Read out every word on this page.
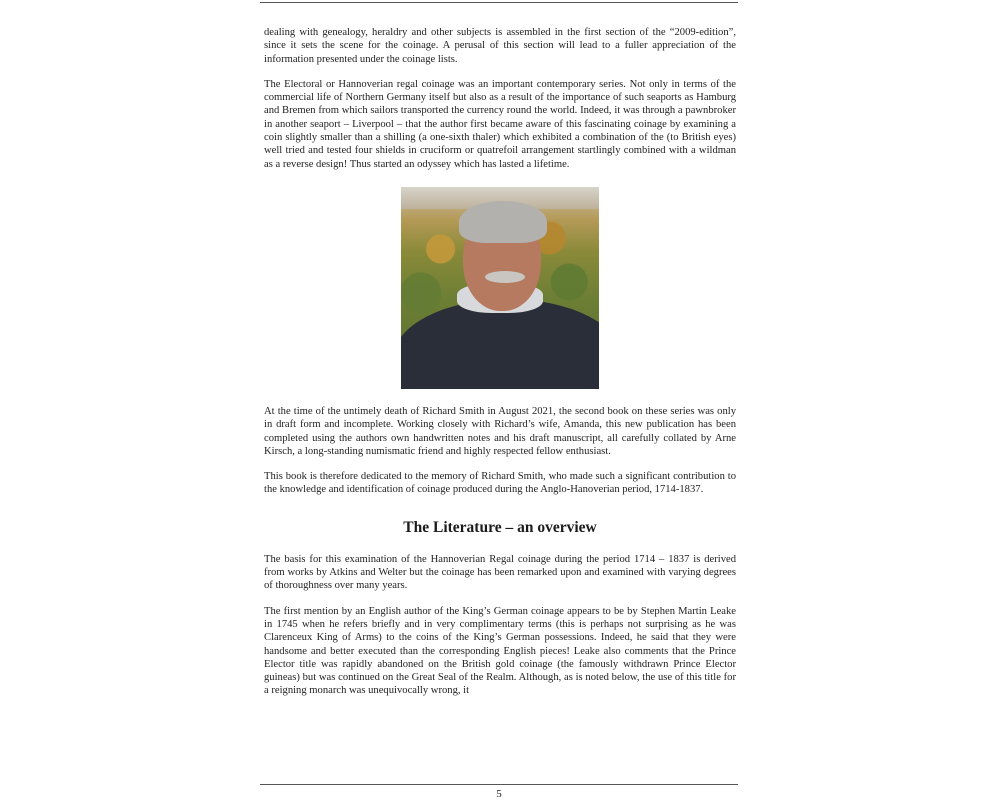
dealing with genealogy, heraldry and other subjects is assembled in the first section of the “2009-edition”, since it sets the scene for the coinage. A perusal of this section will lead to a fuller appreciation of the information presented under the coinage lists.

The Electoral or Hannoverian regal coinage was an important contemporary series. Not only in terms of the commercial life of Northern Germany itself but also as a result of the importance of such seaports as Hamburg and Bremen from which sailors transported the currency round the world. Indeed, it was through a pawnbroker in another seaport – Liverpool – that the author first became aware of this fascinating coinage by examining a coin slightly smaller than a shilling (a one-sixth thaler) which exhibited a combination of the (to British eyes) well tried and tested four shields in cruciform or quatrefoil arrangement startlingly combined with a wildman as a reverse design! Thus started an odyssey which has lasted a lifetime.

At the time of the untimely death of Richard Smith in August 2021, the second book on these series was only in draft form and incomplete. Working closely with Richard’s wife, Amanda, this new publication has been completed using the authors own handwritten notes and his draft manuscript, all carefully collated by Arne Kirsch, a long-standing numismatic friend and highly respected fellow enthusiast.

This book is therefore dedicated to the memory of Richard Smith, who made such a significant contribution to the knowledge and identification of coinage produced during the Anglo-Hanoverian period, 1714-1837.

The Literature – an overview

The basis for this examination of the Hannoverian Regal coinage during the period 1714 – 1837 is derived from works by Atkins and Welter but the coinage has been remarked upon and examined with varying degrees of thoroughness over many years.

The first mention by an English author of the King’s German coinage appears to be by Stephen Martin Leake in 1745 when he refers briefly and in very complimentary terms (this is perhaps not surprising as he was Clarenceux King of Arms) to the coins of the King’s German possessions. Indeed, he said that they were handsome and better executed than the corresponding English pieces! Leake also comments that the Prince Elector title was rapidly abandoned on the British gold coinage (the famously withdrawn Prince Elector guineas) but was continued on the Great Seal of the Realm. Although, as is noted below, the use of this title for a reigning monarch was unequivocally wrong, it

5
